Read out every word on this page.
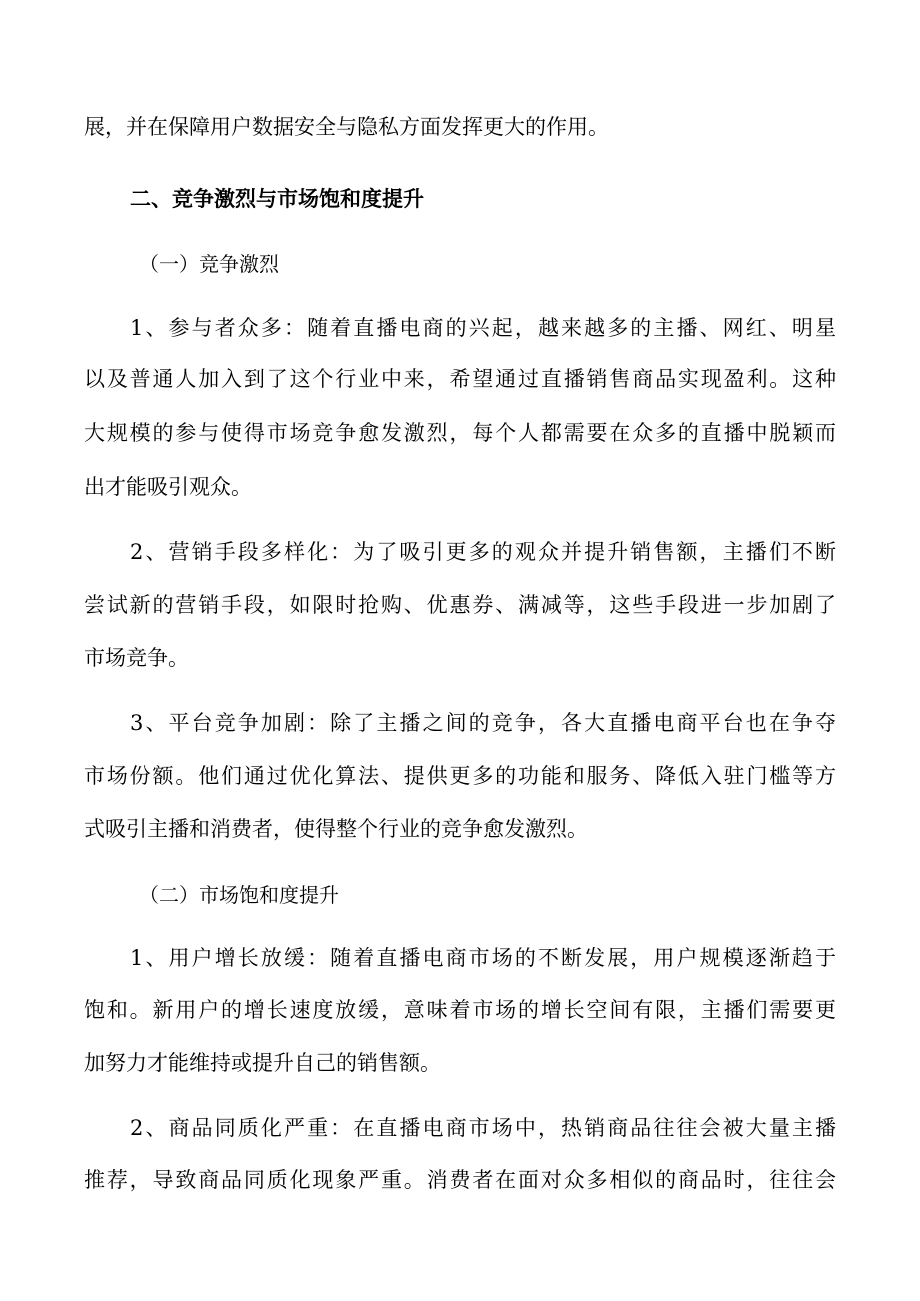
展，并在保障用户数据安全与隐私方面发挥更大的作用。
二、竞争激烈与市场饱和度提升
（一）竞争激烈
1、参与者众多：随着直播电商的兴起，越来越多的主播、网红、明星
以及普通人加入到了这个行业中来，希望通过直播销售商品实现盈利。这种
大规模的参与使得市场竞争愈发激烈，每个人都需要在众多的直播中脱颖而
出才能吸引观众。
2、营销手段多样化：为了吸引更多的观众并提升销售额，主播们不断
尝试新的营销手段，如限时抢购、优惠券、满减等，这些手段进一步加剧了
市场竞争。
3、平台竞争加剧：除了主播之间的竞争，各大直播电商平台也在争夺
市场份额。他们通过优化算法、提供更多的功能和服务、降低入驻门槛等方
式吸引主播和消费者，使得整个行业的竞争愈发激烈。
（二）市场饱和度提升
1、用户增长放缓：随着直播电商市场的不断发展，用户规模逐渐趋于
饱和。新用户的增长速度放缓，意味着市场的增长空间有限，主播们需要更
加努力才能维持或提升自己的销售额。
2、商品同质化严重：在直播电商市场中，热销商品往往会被大量主播
推荐，导致商品同质化现象严重。消费者在面对众多相似的商品时，往往会
